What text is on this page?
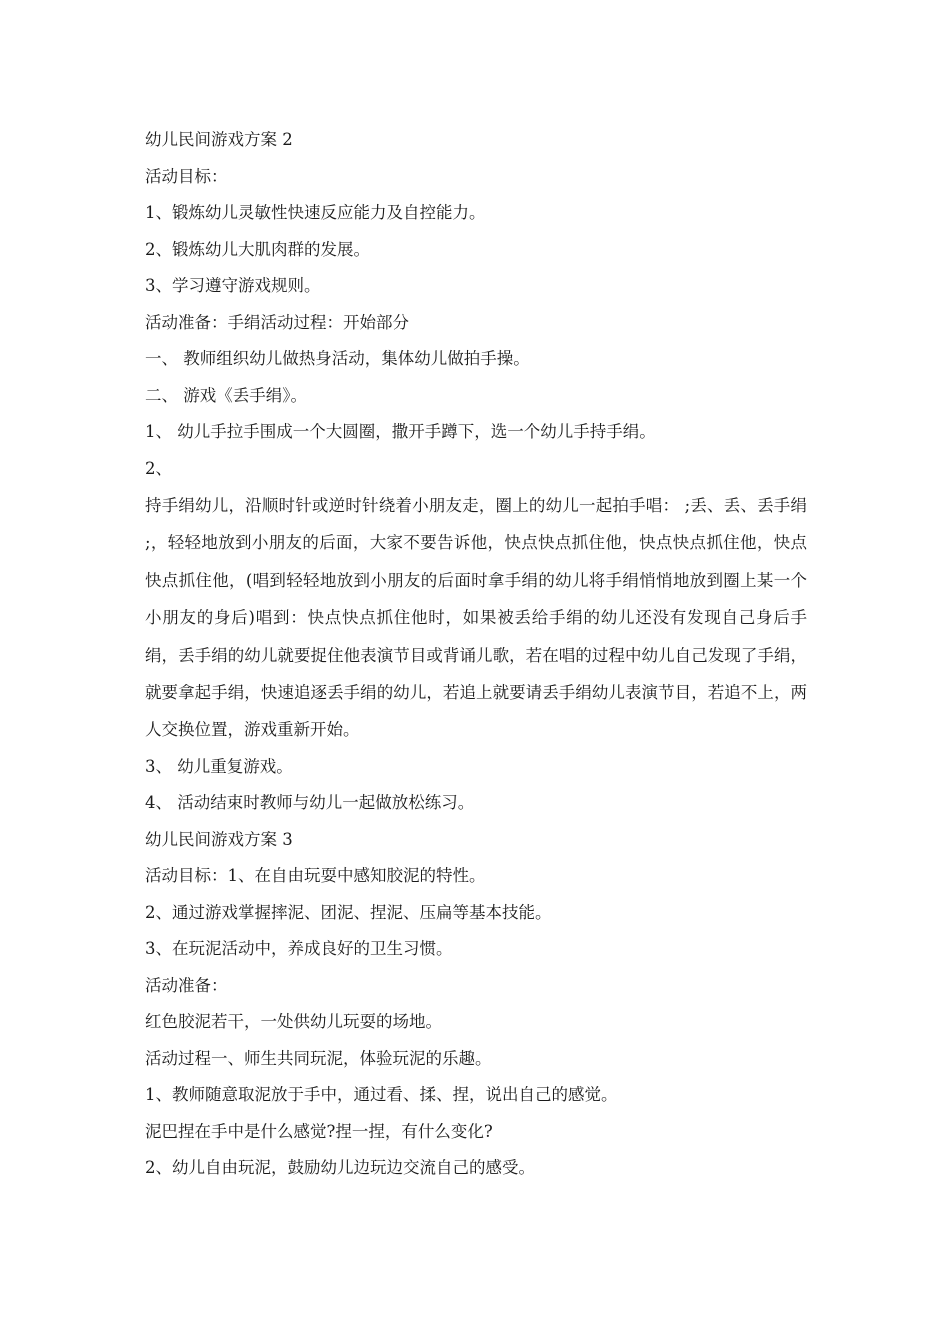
幼儿民间游戏方案 2

活动目标：

1、锻炼幼儿灵敏性快速反应能力及自控能力。

2、锻炼幼儿大肌肉群的发展。

3、学习遵守游戏规则。

活动准备：手绢活动过程：开始部分

一、 教师组织幼儿做热身活动，集体幼儿做拍手操。

二、 游戏《丢手绢》。

1、 幼儿手拉手围成一个大圆圈，撒开手蹲下，选一个幼儿手持手绢。

2、

持手绢幼儿，沿顺时针或逆时针绕着小朋友走，圈上的幼儿一起拍手唱： ;丢、丢、丢手绢 ;，轻轻地放到小朋友的后面，大家不要告诉他，快点快点抓住他，快点快点抓住他，快点快点抓住他，(唱到轻轻地放到小朋友的后面时拿手绢的幼儿将手绢悄悄地放到圈上某一个小朋友的身后)唱到：快点快点抓住他时，如果被丢给手绢的幼儿还没有发现自己身后手绢，丢手绢的幼儿就要捉住他表演节目或背诵儿歌，若在唱的过程中幼儿自己发现了手绢，就要拿起手绢，快速追逐丢手绢的幼儿，若追上就要请丢手绢幼儿表演节目，若追不上，两人交换位置，游戏重新开始。

3、 幼儿重复游戏。

4、 活动结束时教师与幼儿一起做放松练习。

幼儿民间游戏方案 3

活动目标：1、在自由玩耍中感知胶泥的特性。

2、通过游戏掌握摔泥、团泥、捏泥、压扁等基本技能。

3、在玩泥活动中，养成良好的卫生习惯。

活动准备：

红色胶泥若干，一处供幼儿玩耍的场地。

活动过程一、师生共同玩泥，体验玩泥的乐趣。

1、教师随意取泥放于手中，通过看、揉、捏，说出自己的感觉。

泥巴捏在手中是什么感觉?捏一捏，有什么变化?

2、幼儿自由玩泥，鼓励幼儿边玩边交流自己的感受。
